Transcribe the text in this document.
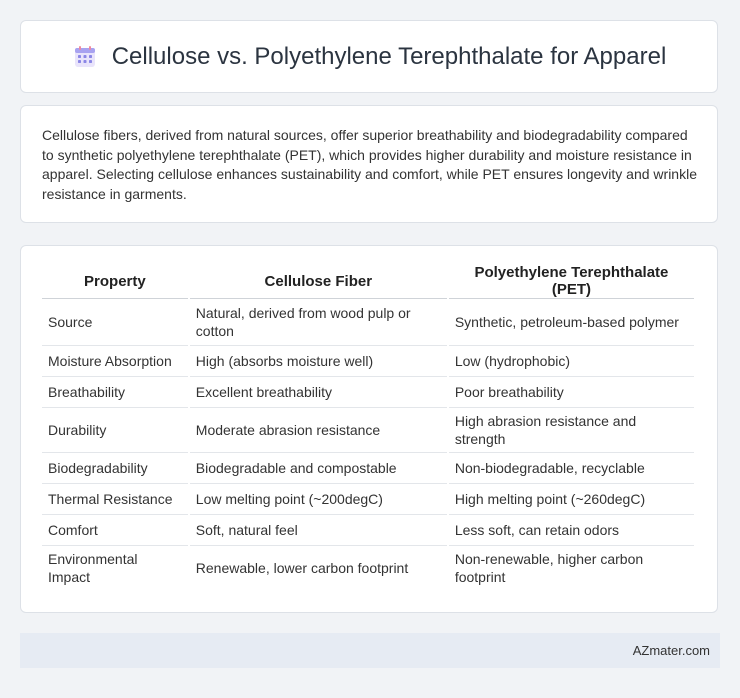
Cellulose vs. Polyethylene Terephthalate for Apparel

Cellulose fibers, derived from natural sources, offer superior breathability and biodegradability compared to synthetic polyethylene terephthalate (PET), which provides higher durability and moisture resistance in apparel. Selecting cellulose enhances sustainability and comfort, while PET ensures longevity and wrinkle resistance in garments.

Property	Cellulose Fiber	Polyethylene Terephthalate (PET)
Source	Natural, derived from wood pulp or cotton	Synthetic, petroleum-based polymer
Moisture Absorption	High (absorbs moisture well)	Low (hydrophobic)
Breathability	Excellent breathability	Poor breathability
Durability	Moderate abrasion resistance	High abrasion resistance and strength
Biodegradability	Biodegradable and compostable	Non-biodegradable, recyclable
Thermal Resistance	Low melting point (~200degC)	High melting point (~260degC)
Comfort	Soft, natural feel	Less soft, can retain odors
Environmental Impact	Renewable, lower carbon footprint	Non-renewable, higher carbon footprint
AZmater.com
